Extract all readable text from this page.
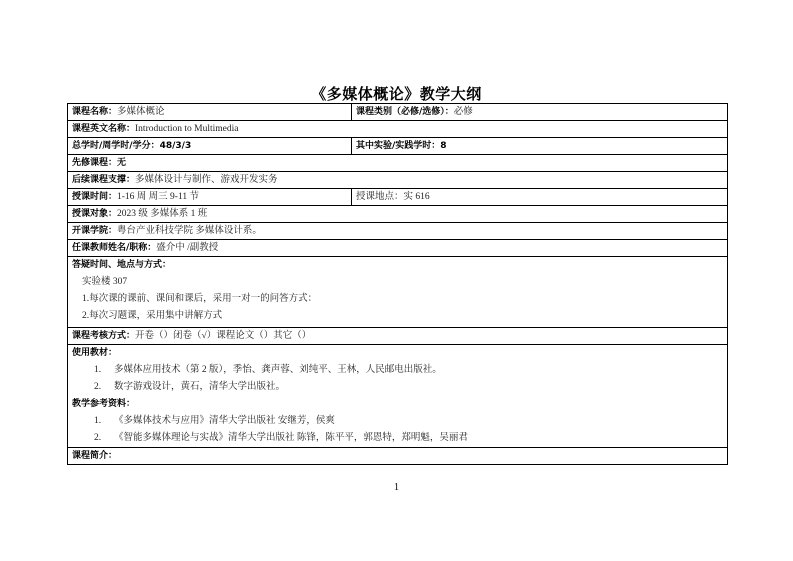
《多媒体概论》教学大纲
课程名称：多媒体概论	课程类别（必修/选修）：必修
课程英文名称：Introduction to Multimedia	
总学时/周学时/学分：48/3/3	其中实验/实践学时：8
先修课程：无	
后续课程支撑：多媒体设计与制作、游戏开发实务	
授课时间：1-16 周 周三 9-11 节	授课地点：实 616
授课对象：2023 级 多媒体系 1 班	
开课学院：粤台产业科技学院 多媒体设计系。	
任课教师姓名/职称：盛介中 /副教授	

答疑时间、地点与方式：
实验楼 307
1.每次课的课前、课间和课后，采用一对一的问答方式：
2.每次习题课，采用集中讲解方式	

课程考核方式：开卷（）闭卷（√）课程论文（）其它（）	

使用教材：
1. 多媒体应用技术（第 2 版），季怡、龚声蓉、刘纯平、王林，人民邮电出版社。
2. 数字游戏设计，黄石，清华大学出版社。
教学参考资料：
1. 《多媒体技术与应用》清华大学出版社 安继芳，侯爽
2. 《智能多媒体理论与实战》清华大学出版社 陈锋，陈平平，郭恩特，郑明魁，吴丽君

课程简介：	
1
